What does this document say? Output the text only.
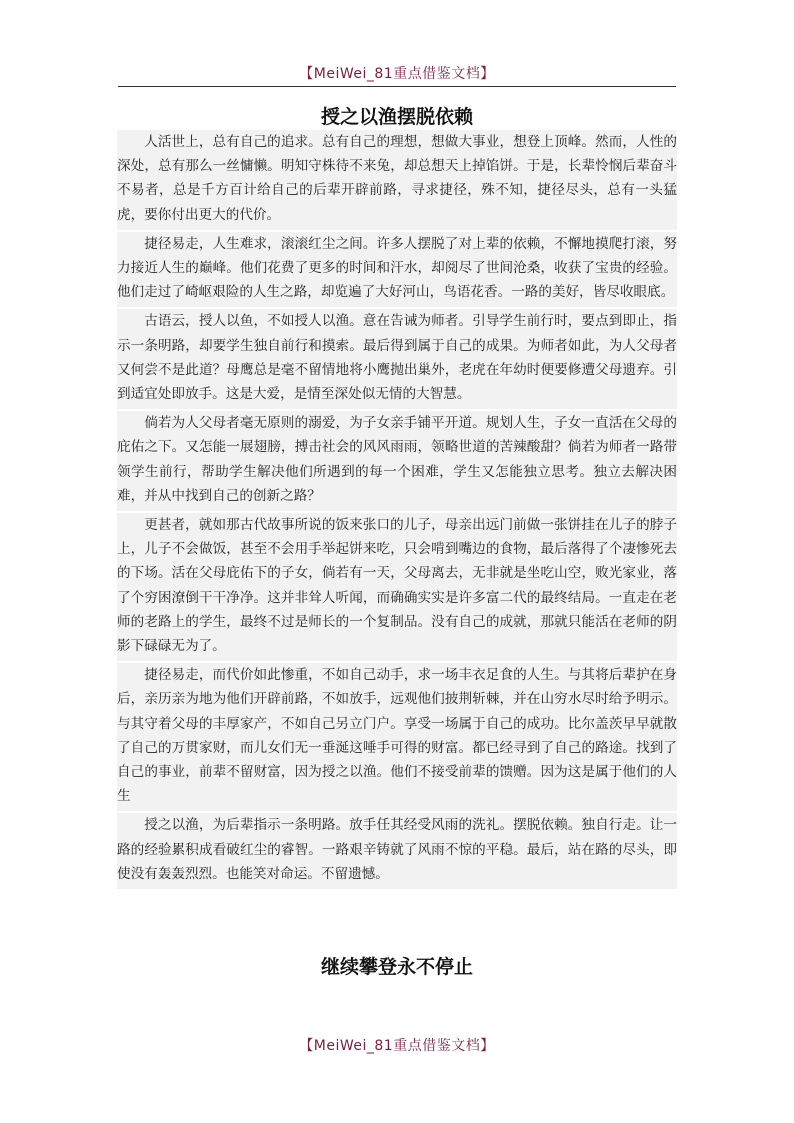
【MeiWei_81重点借鉴文档】
授之以渔摆脱依赖

人活世上，总有自己的追求。总有自己的理想，想做大事业，想登上顶峰。然而，人性的深处，总有那么一丝慵懒。明知守株待不来兔，却总想天上掉馅饼。于是，长辈怜悯后辈奋斗不易者，总是千方百计给自己的后辈开辟前路，寻求捷径，殊不知，捷径尽头，总有一头猛虎，要你付出更大的代价。

捷径易走，人生难求，滚滚红尘之间。许多人摆脱了对上辈的依赖，不懈地摸爬打滚，努力接近人生的巅峰。他们花费了更多的时间和汗水，却阅尽了世间沧桑，收获了宝贵的经验。他们走过了崎岖艰险的人生之路，却览遍了大好河山，鸟语花香。一路的美好，皆尽收眼底。

古语云，授人以鱼，不如授人以渔。意在告诫为师者。引导学生前行时，要点到即止，指示一条明路，却要学生独自前行和摸索。最后得到属于自己的成果。为师者如此，为人父母者又何尝不是此道？母鹰总是毫不留情地将小鹰抛出巢外，老虎在年幼时便要修遭父母遗弃。引到适宜处即放手。这是大爱，是情至深处似无情的大智慧。

倘若为人父母者毫无原则的溺爱，为子女亲手铺平开道。规划人生，子女一直活在父母的庇佑之下。又怎能一展翅膀，搏击社会的风风雨雨，领略世道的苦辣酸甜？倘若为师者一路带领学生前行，帮助学生解决他们所遇到的每一个困难，学生又怎能独立思考。独立去解决困难，并从中找到自己的创新之路？

更甚者，就如那古代故事所说的饭来张口的儿子，母亲出远门前做一张饼挂在儿子的脖子上，儿子不会做饭，甚至不会用手举起饼来吃，只会啃到嘴边的食物，最后落得了个凄惨死去的下场。活在父母庇佑下的子女，倘若有一天，父母离去，无非就是坐吃山空，败光家业，落了个穷困潦倒干干净净。这并非耸人听闻，而确确实实是许多富二代的最终结局。一直走在老师的老路上的学生，最终不过是师长的一个复制品。没有自己的成就，那就只能活在老师的阴影下碌碌无为了。

捷径易走，而代价如此惨重，不如自己动手，求一场丰衣足食的人生。与其将后辈护在身后，亲历亲为地为他们开辟前路，不如放手，远观他们披荆斩棘，并在山穷水尽时给予明示。与其守着父母的丰厚家产，不如自己另立门户。享受一场属于自己的成功。比尔盖茨早早就散了自己的万贯家财，而儿女们无一垂涎这唾手可得的财富。都已经寻到了自己的路途。找到了自己的事业，前辈不留财富，因为授之以渔。他们不接受前辈的馈赠。因为这是属于他们的人生

授之以渔，为后辈指示一条明路。放手任其经受风雨的洗礼。摆脱依赖。独自行走。让一路的经验累积成看破红尘的睿智。一路艰辛铸就了风雨不惊的平稳。最后，站在路的尽头，即使没有轰轰烈烈。也能笑对命运。不留遗憾。

继续攀登永不停止
【MeiWei_81重点借鉴文档】
